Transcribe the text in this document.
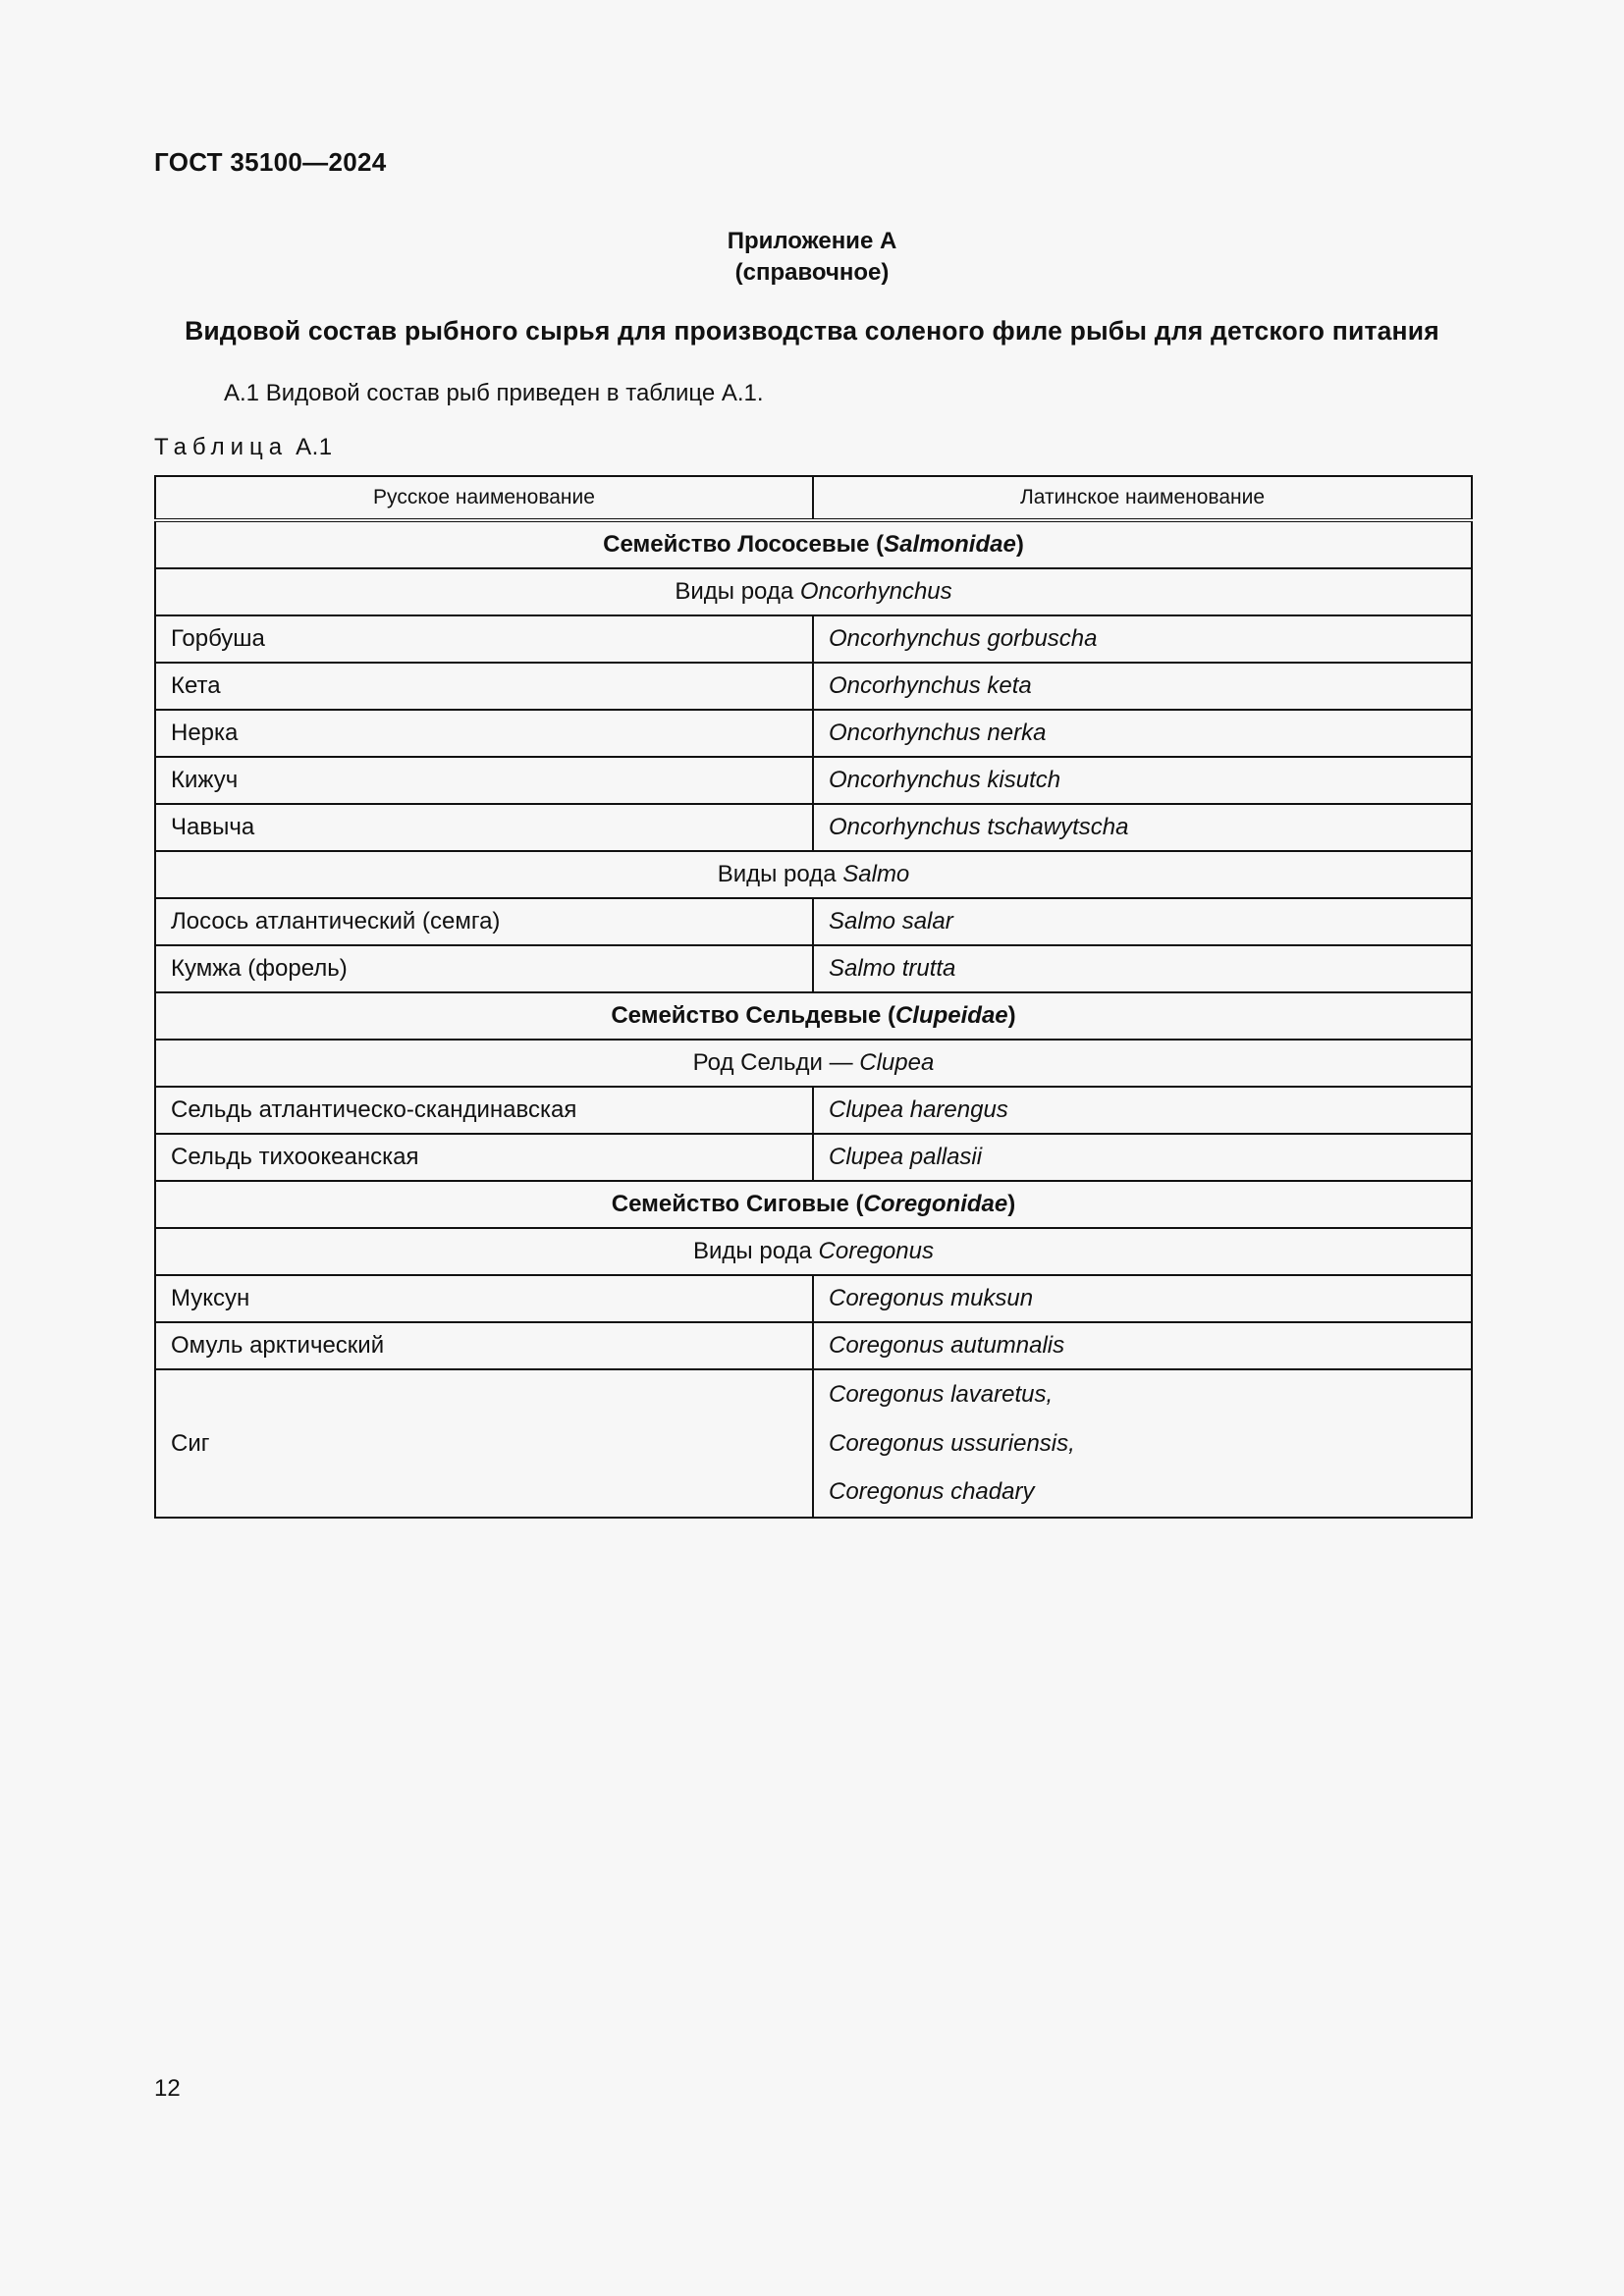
ГОСТ 35100—2024
Приложение А
(справочное)
Видовой состав рыбного сырья для производства соленого филе рыбы для детского питания
А.1 Видовой состав рыб приведен в таблице А.1.
Таблица А.1
Русское наименование	Латинское наименование
Семейство Лососевые (Salmonidae)	
Виды рода Oncorhynchus	
Горбуша	Oncorhynchus gorbuscha
Кета	Oncorhynchus keta
Нерка	Oncorhynchus nerka
Кижуч	Oncorhynchus kisutch
Чавыча	Oncorhynchus tschawytscha
Виды рода Salmo	
Лосось атлантический (семга)	Salmo salar
Кумжа (форель)	Salmo trutta
Семейство Сельдевые (Clupeidae)	
Род Сельди — Clupea	
Сельдь атлантическо-скандинавская	Clupea harengus
Сельдь тихоокеанская	Clupea pallasii
Семейство Сиговые (Coregonidae)	
Виды рода Coregonus	
Муксун	Coregonus muksun
Омуль арктический	Coregonus autumnalis
Сиг	Coregonus lavaretus,
Coregonus ussuriensis,
Coregonus chadary
12
